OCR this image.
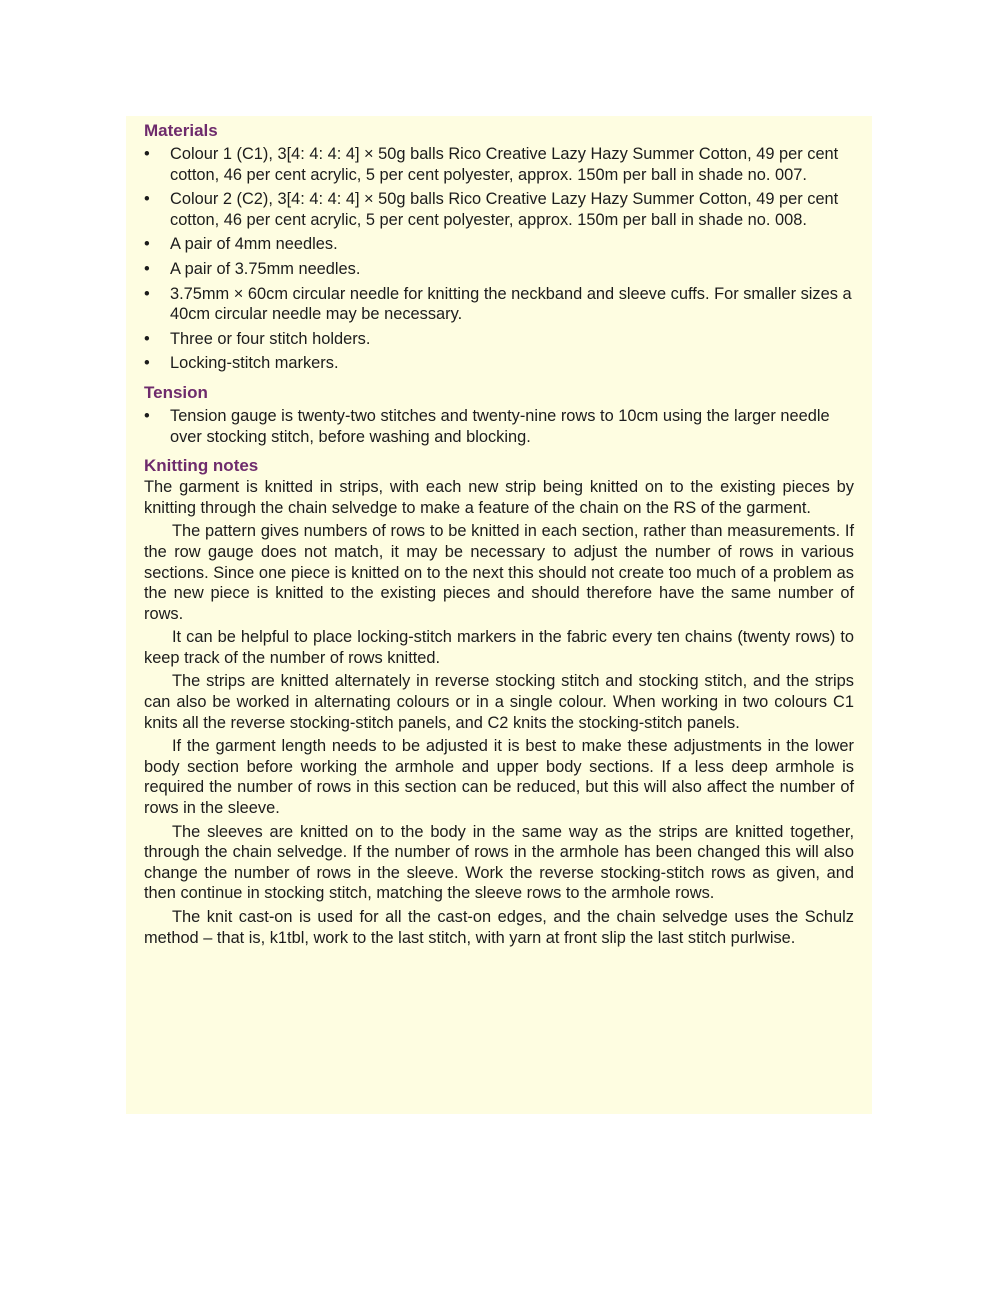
Materials
• Colour 1 (C1), 3[4: 4: 4: 4] × 50g balls Rico Creative Lazy Hazy Summer Cotton, 49 per cent cotton, 46 per cent acrylic, 5 per cent polyester, approx. 150m per ball in shade no. 007.
• Colour 2 (C2), 3[4: 4: 4: 4] × 50g balls Rico Creative Lazy Hazy Summer Cotton, 49 per cent cotton, 46 per cent acrylic, 5 per cent polyester, approx. 150m per ball in shade no. 008.
• A pair of 4mm needles.
• A pair of 3.75mm needles.
• 3.75mm × 60cm circular needle for knitting the neckband and sleeve cuffs. For smaller sizes a 40cm circular needle may be necessary.
• Three or four stitch holders.
• Locking-stitch markers.
Tension
• Tension gauge is twenty-two stitches and twenty-nine rows to 10cm using the larger needle over stocking stitch, before washing and blocking.
Knitting notes

The garment is knitted in strips, with each new strip being knitted on to the existing pieces by knitting through the chain selvedge to make a feature of the chain on the RS of the garment.

The pattern gives numbers of rows to be knitted in each section, rather than measurements. If the row gauge does not match, it may be necessary to adjust the number of rows in various sections. Since one piece is knitted on to the next this should not create too much of a problem as the new piece is knitted to the existing pieces and should therefore have the same number of rows.

It can be helpful to place locking-stitch markers in the fabric every ten chains (twenty rows) to keep track of the number of rows knitted.

The strips are knitted alternately in reverse stocking stitch and stocking stitch, and the strips can also be worked in alternating colours or in a single colour. When working in two colours C1 knits all the reverse stocking-stitch panels, and C2 knits the stocking-stitch panels.

If the garment length needs to be adjusted it is best to make these adjustments in the lower body section before working the armhole and upper body sections. If a less deep armhole is required the number of rows in this section can be reduced, but this will also affect the number of rows in the sleeve.

The sleeves are knitted on to the body in the same way as the strips are knitted together, through the chain selvedge. If the number of rows in the armhole has been changed this will also change the number of rows in the sleeve. Work the reverse stocking-stitch rows as given, and then continue in stocking stitch, matching the sleeve rows to the armhole rows.

The knit cast-on is used for all the cast-on edges, and the chain selvedge uses the Schulz method – that is, k1tbl, work to the last stitch, with yarn at front slip the last stitch purlwise.
